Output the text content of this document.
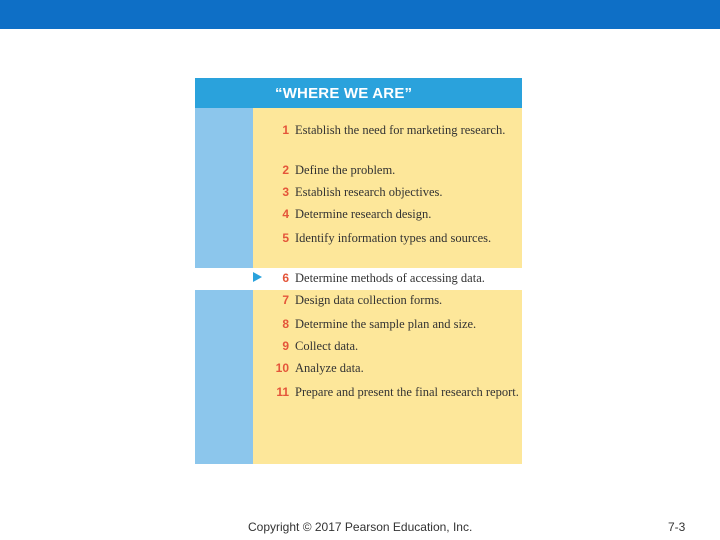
“WHERE WE ARE”
1 Establish the need for marketing research.
2 Define the problem.
3 Establish research objectives.
4 Determine research design.
5 Identify information types and sources.
6 Determine methods of accessing data.
7 Design data collection forms.
8 Determine the sample plan and size.
9 Collect data.
10 Analyze data.
11 Prepare and present the final research report.
Copyright © 2017 Pearson Education, Inc.	7-3
